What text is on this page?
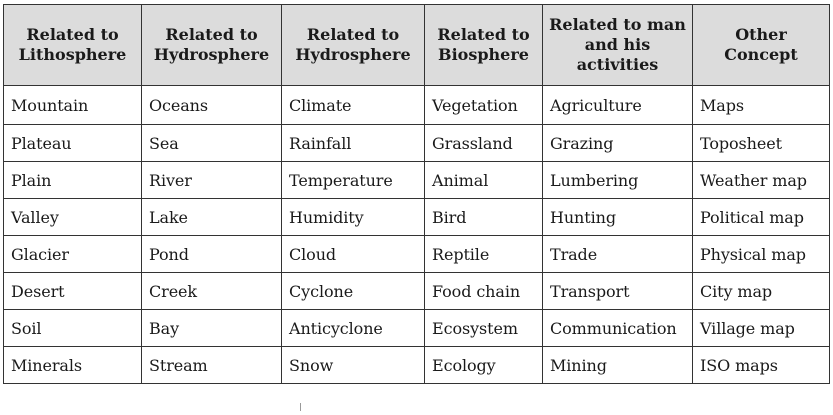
Related to Lithosphere	Related to Hydrosphere	Related to Hydrosphere	Related to Biosphere	Related to man and his activities	Other Concept
Mountain	Oceans	Climate	Vegetation	Agriculture	Maps
Plateau	Sea	Rainfall	Grassland	Grazing	Toposheet
Plain	River	Temperature	Animal	Lumbering	Weather map
Valley	Lake	Humidity	Bird	Hunting	Political map
Glacier	Pond	Cloud	Reptile	Trade	Physical map
Desert	Creek	Cyclone	Food chain	Transport	City map
Soil	Bay	Anticyclone	Ecosystem	Communication	Village map
Minerals	Stream	Snow	Ecology	Mining	ISO maps
